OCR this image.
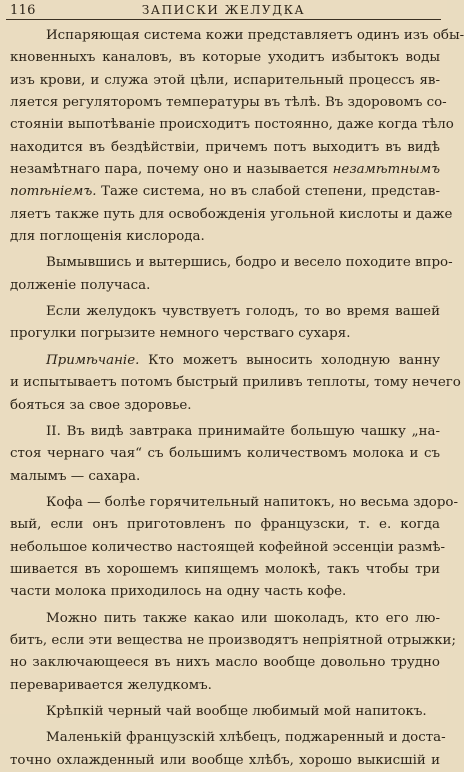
116	ЗАПИСКИ ЖЕЛУДКА
Испаряющая система кожи представляетъ одинъ изъ обы-
кновенныхъ каналовъ, въ которые уходитъ избытокъ воды
изъ крови, и служа этой цѣли, испарительный процессъ яв-
ляется регуляторомъ температуры въ тѣлѣ. Въ здоровомъ со-
стояніи выпотѣваніе происходитъ постоянно, даже когда тѣло
находится въ бездѣйствіи, причемъ потъ выходитъ въ видѣ
незамѣтнаго пара, почему оно и называется незамѣтнымъ
потѣніемъ. Таже система, но въ слабой степени, представ-
ляетъ также путь для освобожденія угольной кислоты и даже
для поглощенія кислорода.
Вымывшись и вытершись, бодро и весело походите впро-
долженіе получаса.
Если желудокъ чувствуетъ голодъ, то во время вашей
прогулки погрызите немного черстваго сухаря.
Примѣчаніе. Кто можетъ выносить холодную ванну
и испытываетъ потомъ быстрый приливъ теплоты, тому нечего
бояться за свое здоровье.
II. Въ видѣ завтрака принимайте большую чашку „на-
стоя чернаго чая“ съ большимъ количествомъ молока и съ
малымъ — сахара.
Кофа — болѣе горячительный напитокъ, но весьма здоро-
вый, если онъ приготовленъ по французски, т. е. когда
небольшое количество настоящей кофейной эссенціи размѣ-
шивается въ хорошемъ кипящемъ молокѣ, такъ чтобы три
части молока приходилось на одну часть кофе.
Можно пить также какао или шоколадъ, кто его лю-
битъ, если эти вещества не производятъ непріятной отрыжки;
но заключающееся въ нихъ масло вообще довольно трудно
переваривается желудкомъ.
Крѣпкій черный чай вообще любимый мой напитокъ.
Маленькій французскій хлѣбецъ, поджаренный и доста-
точно охлажденный или вообще хлѣбъ, хорошо выкисшій и
